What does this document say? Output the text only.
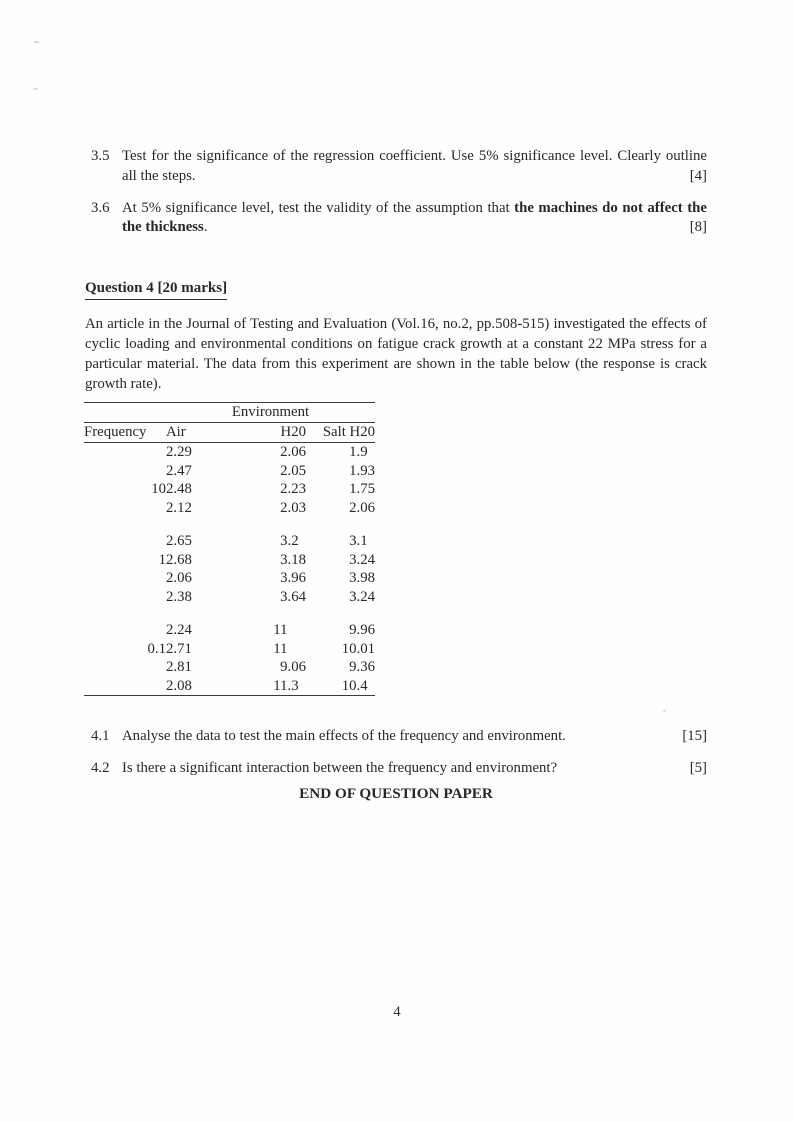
3.5 Test for the significance of the regression coefficient. Use 5% significance level. Clearly outline all the steps.	[4]
3.6 At 5% significance level, test the validity of the assumption that the machines do not affect the the thickness.	[8]
Question 4 [20 marks]
An article in the Journal of Testing and Evaluation (Vol.16, no.2, pp.508-515) investigated the effects of cyclic loading and environmental conditions on fatigue crack growth at a constant 22 MPa stress for a particular material. The data from this experiment are shown in the table below (the response is crack growth rate).
	Environment		
Frequency	Air	H20	Salt H20
	2.29	2.06	1.9 
	2.47	2.05	1.93
10	2.48	2.23	1.75
	2.12	2.03	2.06

	2.65	3.2 	3.1 
1	2.68	3.18	3.24
	2.06	3.96	3.98
	2.38	3.64	3.24

	2.24	11   	9.96
0.1	2.71	11   	10.01
	2.81	9.06	9.36
	2.08	11.3 	10.4 
4.1 Analyse the data to test the main effects of the frequency and environment.	[15]
4.2 Is there a significant interaction between the frequency and environment?	[5]
END OF QUESTION PAPER
4
